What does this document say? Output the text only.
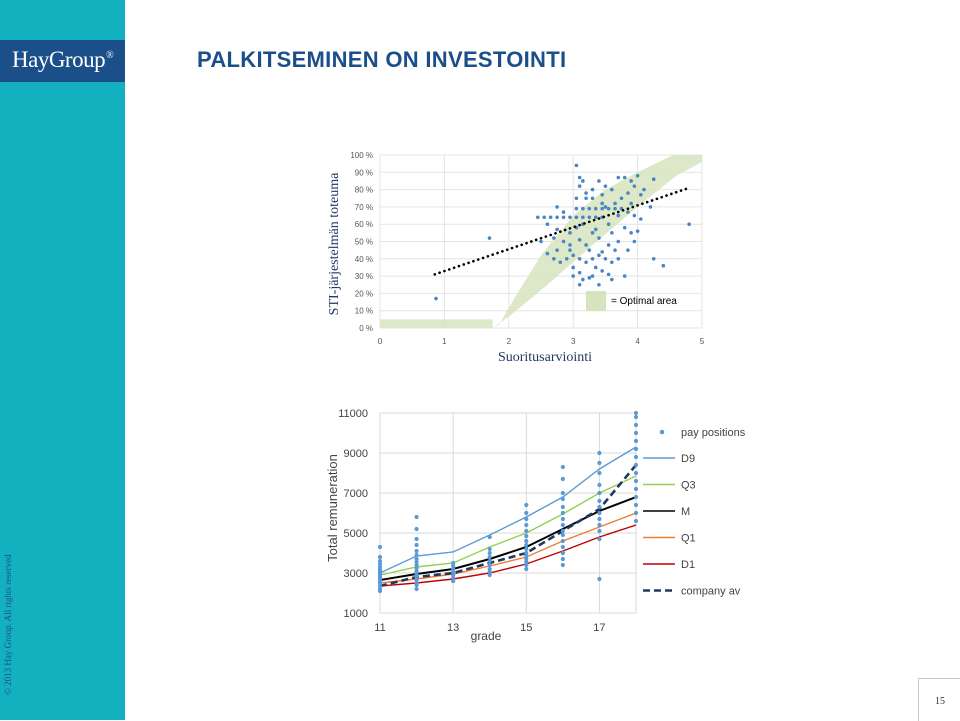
HayGroup®
© 2013 Hay Group. All rights reserved
PALKITSEMINEN ON INVESTOINTI
0 %
10 %
20 %
30 %
40 %
50 %
60 %
70 %
80 %
90 %
100 %
0	1	2	3	4	5
= Optimal area
STI-järjestelmän toteuma
Suoritusarviointi
1000
3000
5000
7000
9000
11000
11	13	15	17
pay positions
D9
Q3
M
Q1
D1
company av
Total remuneration
grade
15
